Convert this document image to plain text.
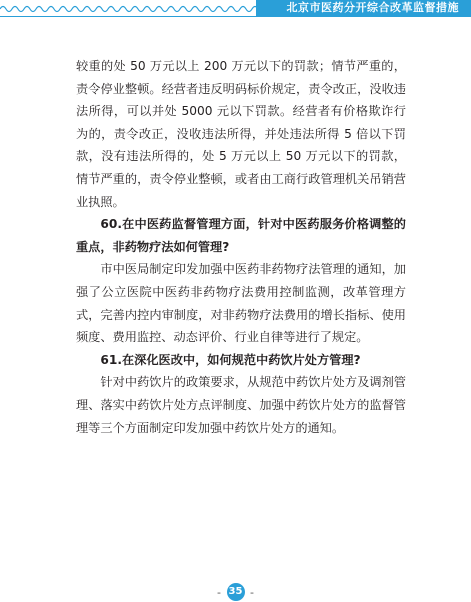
北京市医药分开综合改革监督措施

较重的处 50 万元以上 200 万元以下的罚款；情节严重的，责令停业整顿。经营者违反明码标价规定，责令改正，没收违法所得，可以并处 5000 元以下罚款。经营者有价格欺诈行为的，责令改正，没收违法所得，并处违法所得 5 倍以下罚款，没有违法所得的，处 5 万元以上 50 万元以下的罚款，情节严重的，责令停业整顿，或者由工商行政管理机关吊销营业执照。

60.在中医药监督管理方面，针对中医药服务价格调整的重点，非药物疗法如何管理?

市中医局制定印发加强中医药非药物疗法管理的通知，加强了公立医院中医药非药物疗法费用控制监测，改革管理方式，完善内控内审制度，对非药物疗法费用的增长指标、使用频度、费用监控、动态评价、行业自律等进行了规定。

61.在深化医改中，如何规范中药饮片处方管理?

针对中药饮片的政策要求，从规范中药饮片处方及调剂管理、落实中药饮片处方点评制度、加强中药饮片处方的监督管理等三个方面制定印发加强中药饮片处方的通知。

- 35 -
